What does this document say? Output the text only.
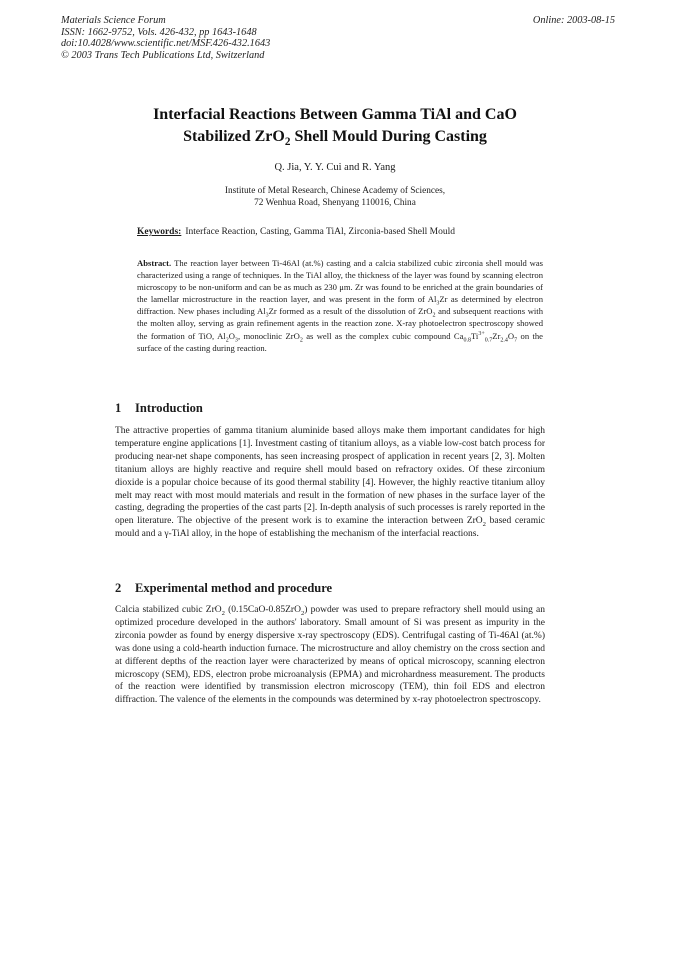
Materials Science Forum
ISSN: 1662-9752, Vols. 426-432, pp 1643-1648
doi:10.4028/www.scientific.net/MSF.426-432.1643
© 2003 Trans Tech Publications Ltd, Switzerland
Online: 2003-08-15
Interfacial Reactions Between Gamma TiAl and CaO
Stabilized ZrO$_2$ Shell Mould During Casting
Q. Jia, Y. Y. Cui and R. Yang
Institute of Metal Research, Chinese Academy of Sciences,
72 Wenhua Road, Shenyang 110016, China
Keywords: Interface Reaction, Casting, Gamma TiAl, Zirconia-based Shell Mould
Abstract. The reaction layer between Ti-46Al (at.%) casting and a calcia stabilized cubic zirconia shell mould was characterized using a range of techniques. In the TiAl alloy, the thickness of the layer was found by scanning electron microscopy to be non-uniform and can be as much as 230 μm. Zr was found to be enriched at the grain boundaries of the lamellar microstructure in the reaction layer, and was present in the form of $Al_3Zr$ as determined by electron diffraction. New phases including $Al_3Zr$ formed as a result of the dissolution of ZrO$_2$ and subsequent reactions with the molten alloy, serving as grain refinement agents in the reaction zone. X-ray photoelectron spectroscopy showed the formation of TiO, $Al_2O_3$, monoclinic ZrO$_2$ as well as the complex cubic compound $Ca_{0.8}Ti^{3+}_{0.7}Zr_{2.4}O_7$ on the surface of the casting during reaction.
1 Introduction
The attractive properties of gamma titanium aluminide based alloys make them important candidates for high temperature engine applications [1]. Investment casting of titanium alloys, as a viable low-cost batch process for producing near-net shape components, has seen increasing prospect of application in recent years [2, 3]. Molten titanium alloys are highly reactive and require shell mould based on refractory oxides. Of these zirconium dioxide is a popular choice because of its good thermal stability [4]. However, the highly reactive titanium alloy melt may react with most mould materials and result in the formation of new phases in the surface layer of the casting, degrading the properties of the cast parts [2]. In-depth analysis of such processes is rarely reported in the open literature. The objective of the present work is to examine the interaction between ZrO$_2$ based ceramic mould and a γ-TiAl alloy, in the hope of establishing the mechanism of the interfacial reactions.
2 Experimental method and procedure
Calcia stabilized cubic ZrO$_2$ (0.15CaO-0.85ZrO$_2$) powder was used to prepare refractory shell mould using an optimized procedure developed in the authors' laboratory. Small amount of Si was present as impurity in the zirconia powder as found by energy dispersive x-ray spectroscopy (EDS). Centrifugal casting of Ti-46Al (at.%) was done using a cold-hearth induction furnace. The microstructure and alloy chemistry on the cross section and at different depths of the reaction layer were characterized by means of optical microscopy, scanning electron microscopy (SEM), EDS, electron probe microanalysis (EPMA) and microhardness measurement. The products of the reaction were identified by transmission electron microscopy (TEM), thin foil EDS and electron diffraction. The valence of the elements in the compounds was determined by x-ray photoelectron spectroscopy.
